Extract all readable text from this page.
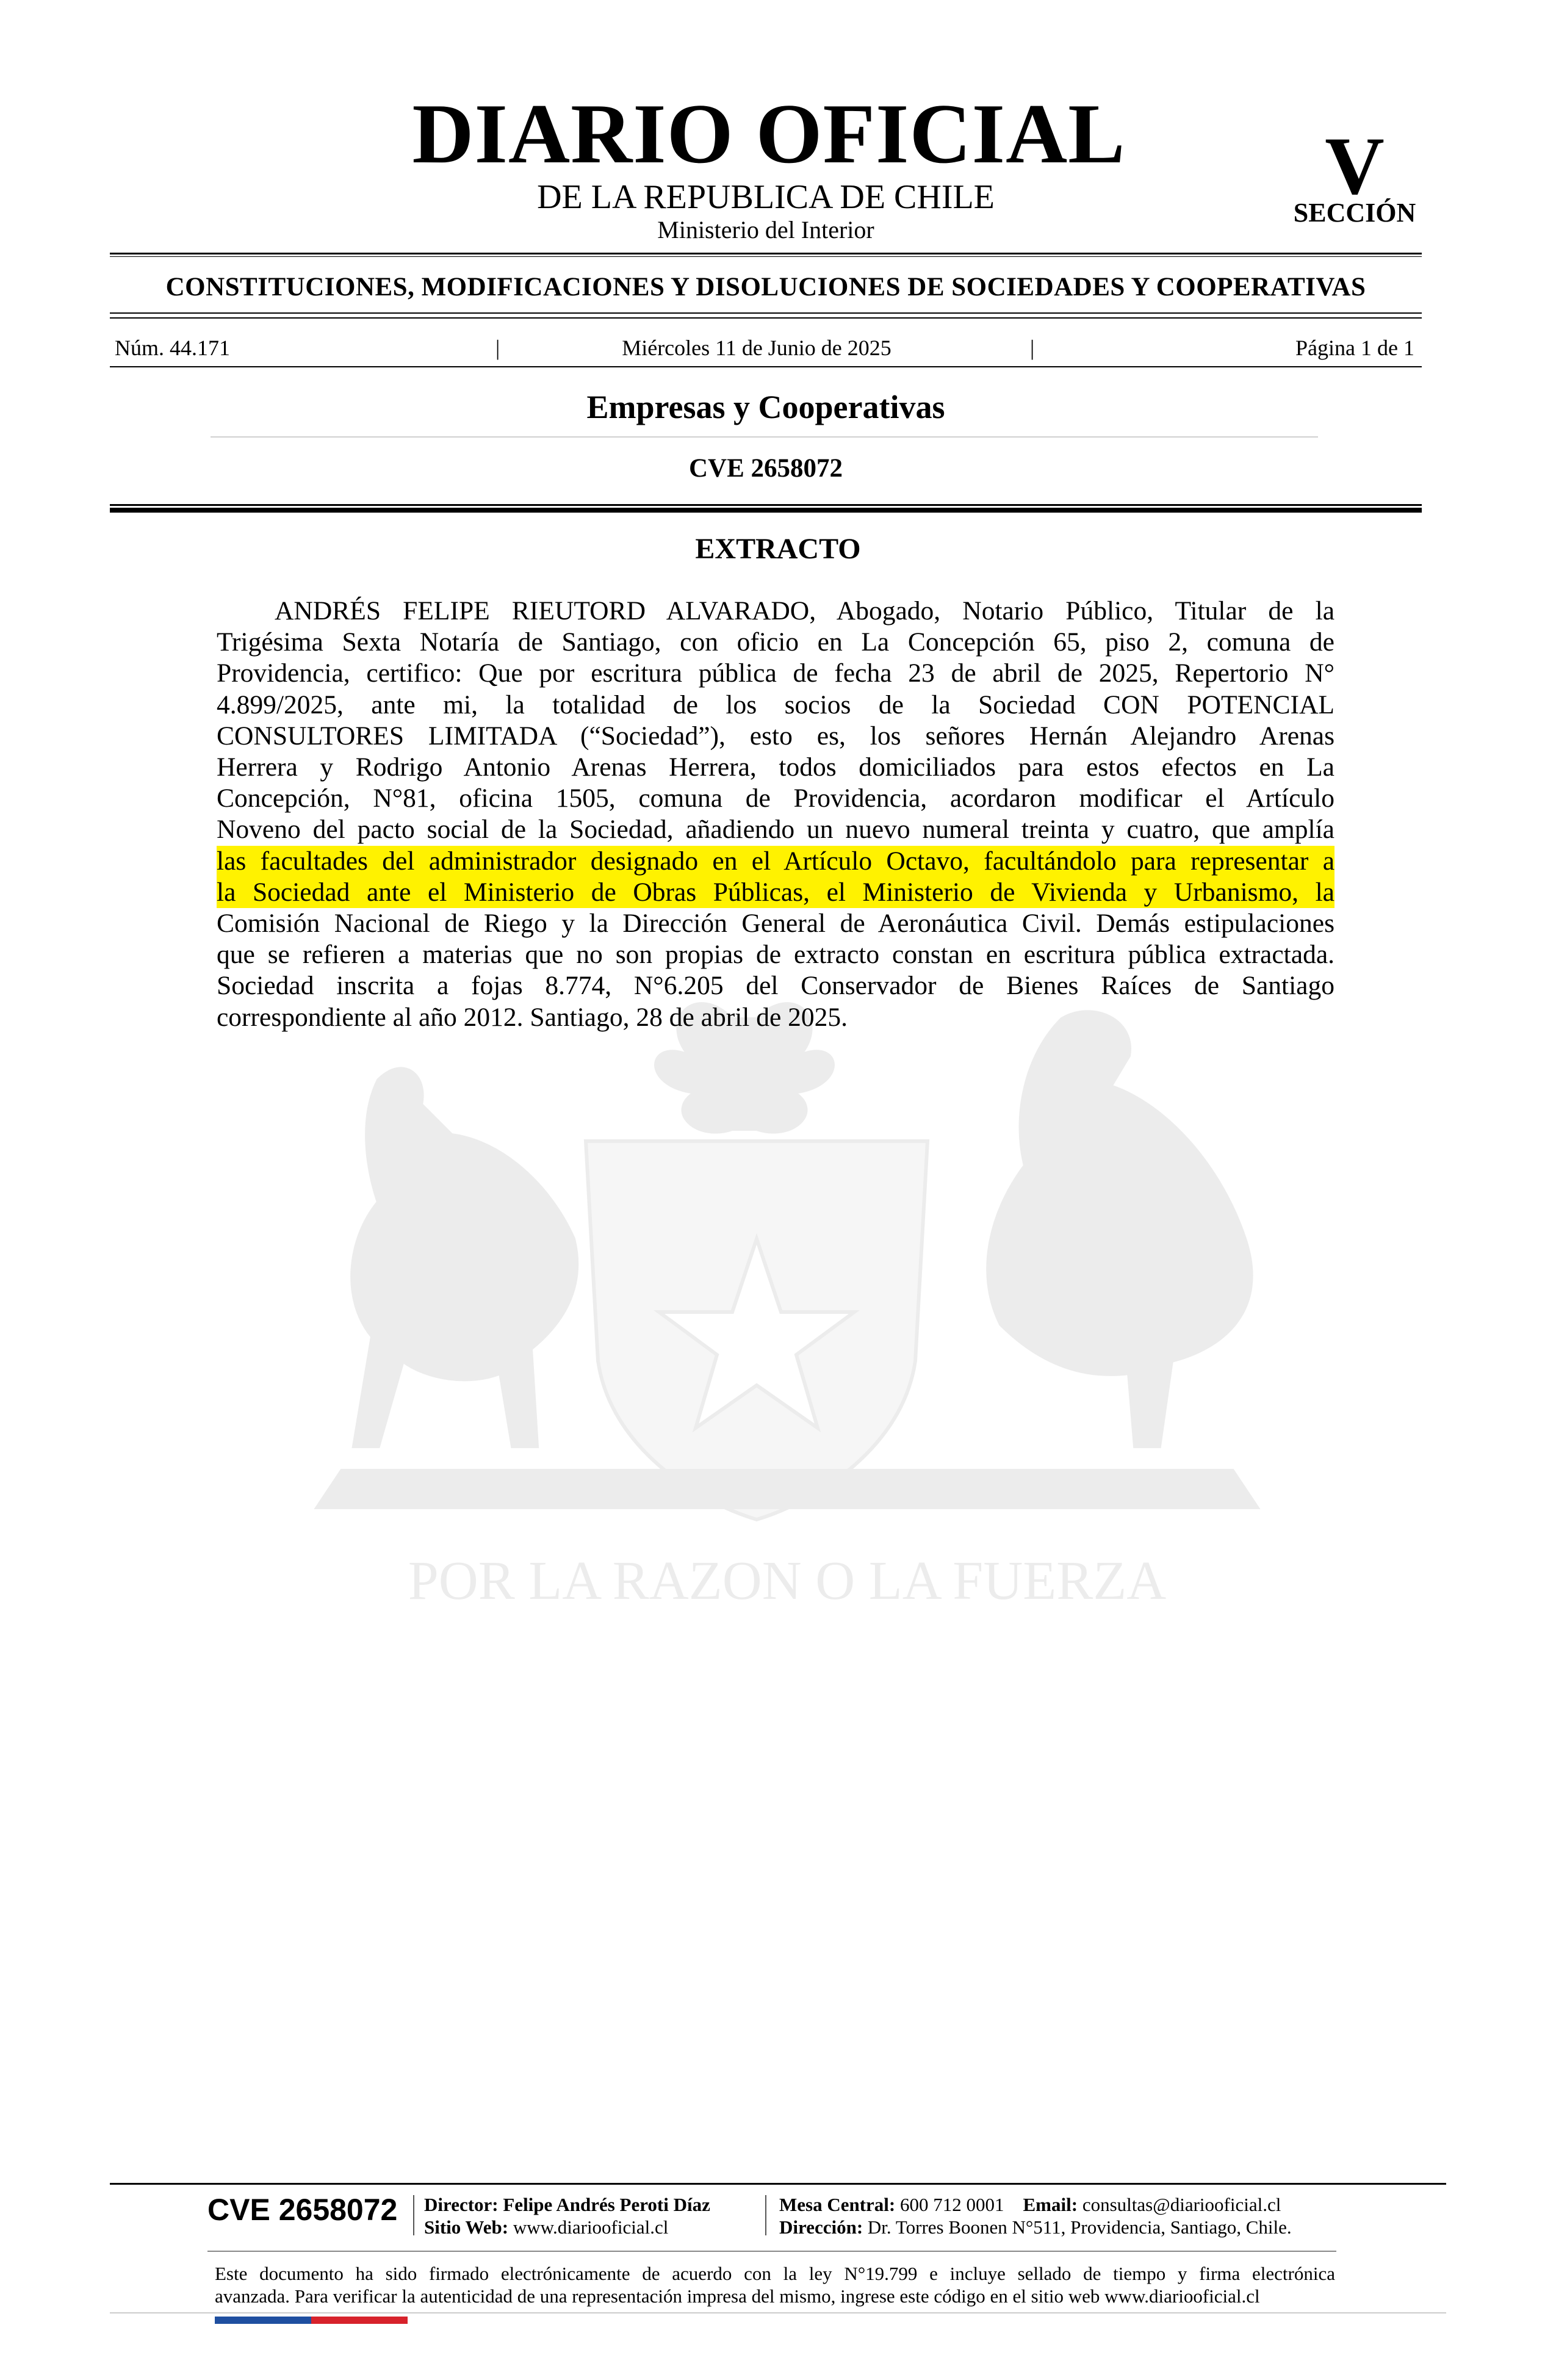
POR LA RAZON O LA FUERZA
DIARIO OFICIAL
DE LA REPUBLICA DE CHILE
Ministerio del Interior
V
SECCIÓN
CONSTITUCIONES, MODIFICACIONES Y DISOLUCIONES DE SOCIEDADES Y COOPERATIVAS
Núm. 44.171	|	Miércoles 11 de Junio de 2025	|	Página 1 de 1
Empresas y Cooperativas
CVE 2658072
EXTRACTO
ANDRÉS FELIPE RIEUTORD ALVARADO, Abogado, Notario Público, Titular de la
Trigésima Sexta Notaría de Santiago, con oficio en La Concepción 65, piso 2, comuna de
Providencia, certifico: Que por escritura pública de fecha 23 de abril de 2025, Repertorio N°
4.899/2025, ante mi, la totalidad de los socios de la Sociedad CON POTENCIAL
CONSULTORES LIMITADA (“Sociedad”), esto es, los señores Hernán Alejandro Arenas
Herrera y Rodrigo Antonio Arenas Herrera, todos domiciliados para estos efectos en La
Concepción, N°81, oficina 1505, comuna de Providencia, acordaron modificar el Artículo
Noveno del pacto social de la Sociedad, añadiendo un nuevo numeral treinta y cuatro, que amplía
las facultades del administrador designado en el Artículo Octavo, facultándolo para representar a
la Sociedad ante el Ministerio de Obras Públicas, el Ministerio de Vivienda y Urbanismo, la
Comisión Nacional de Riego y la Dirección General de Aeronáutica Civil. Demás estipulaciones
que se refieren a materias que no son propias de extracto constan en escritura pública extractada.
Sociedad inscrita a fojas 8.774, N°6.205 del Conservador de Bienes Raíces de Santiago
correspondiente al año 2012. Santiago, 28 de abril de 2025.
CVE 2658072 Director: Felipe Andrés Peroti Díaz
Sitio Web: www.diariooficial.cl
Mesa Central: 600 712 0001 Email: consultas@diariooficial.cl
Dirección: Dr. Torres Boonen N°511, Providencia, Santiago, Chile.
Este documento ha sido firmado electrónicamente de acuerdo con la ley N°19.799 e incluye sellado de tiempo y firma electrónica
avanzada. Para verificar la autenticidad de una representación impresa del mismo, ingrese este código en el sitio web www.diariooficial.cl
